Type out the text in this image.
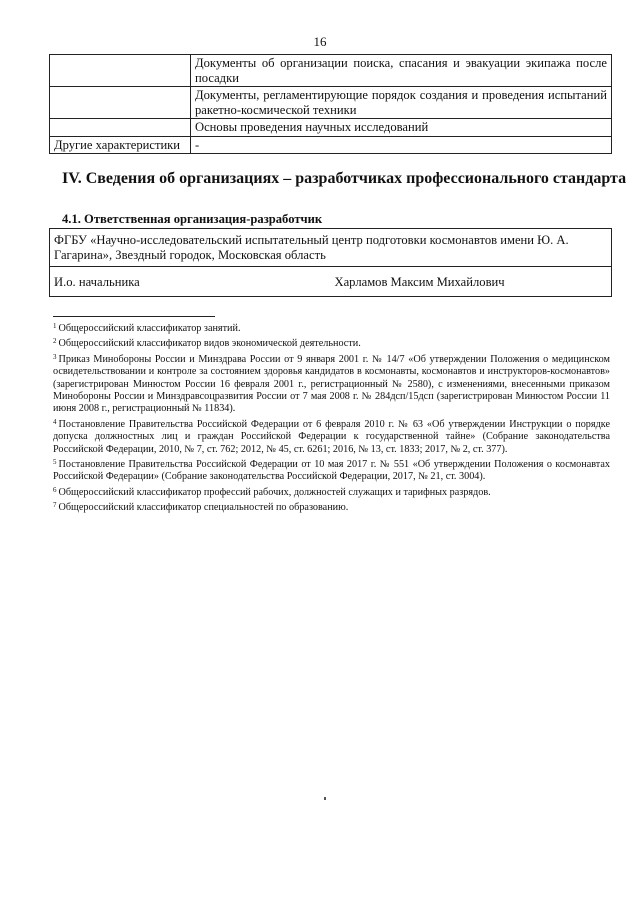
16
	Документы об организации поиска, спасания и эвакуации экипажа после посадки
	Документы, регламентирующие порядок создания и проведения испытаний ракетно-космической техники
	Основы проведения научных исследований
Другие характеристики	-
IV. Сведения об организациях – разработчиках профессионального стандарта
4.1. Ответственная организация-разработчик
ФГБУ «Научно-исследовательский испытательный центр подготовки космонавтов имени Ю. А. Гагарина», Звездный городок, Московская область
И.о. начальника	Харламов Максим Михайлович

$^1$ Общероссийский классификатор занятий.

$^2$ Общероссийский классификатор видов экономической деятельности.

$^3$ Приказ Минобороны России и Минздрава России от 9 января 2001 г. № 14/7 «Об утверждении Положения о медицинском освидетельствовании и контроле за состоянием здоровья кандидатов в космонавты, космонавтов и инструкторов-космонавтов» (зарегистрирован Минюстом России 16 февраля 2001 г., регистрационный № 2580), с изменениями, внесенными приказом Минобороны России и Минздравсоцразвития России от 7 мая 2008 г. № 284дсп/15дсп (зарегистрирован Минюстом России 11 июня 2008 г., регистрационный № 11834).

$^4$ Постановление Правительства Российской Федерации от 6 февраля 2010 г. № 63 «Об утверждении Инструкции о порядке допуска должностных лиц и граждан Российской Федерации к государственной тайне» (Собрание законодательства Российской Федерации, 2010, № 7, ст. 762; 2012, № 45, ст. 6261; 2016, № 13, ст. 1833; 2017, № 2, ст. 377).

$^5$ Постановление Правительства Российской Федерации от 10 мая 2017 г. № 551 «Об утверждении Положения о космонавтах Российской Федерации» (Собрание законодательства Российской Федерации, 2017, № 21, ст. 3004).

$^6$ Общероссийский классификатор профессий рабочих, должностей служащих и тарифных разрядов.

$^7$ Общероссийский классификатор специальностей по образованию.
